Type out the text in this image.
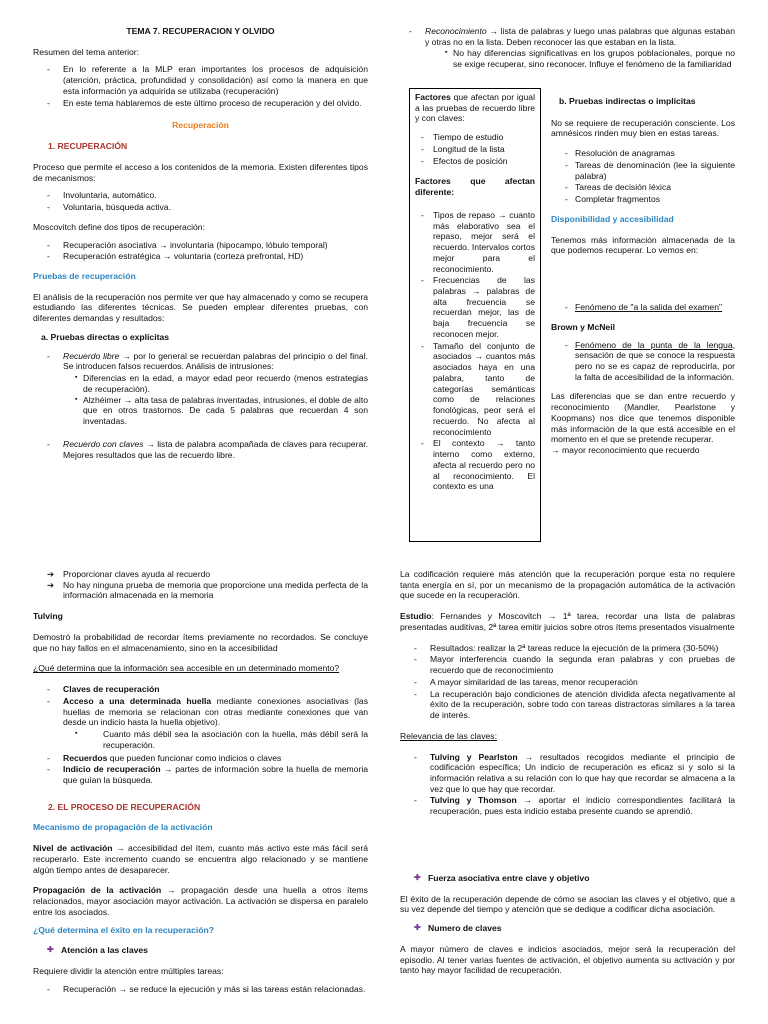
TEMA 7. RECUPERACION Y OLVIDO

Resumen del tema anterior:

- En lo referente a la MLP eran importantes los procesos de adquisición (atención, práctica, profundidad y consolidación) así como la manera en que esta información ya adquirida se utilizaba (recuperación)
- En este tema hablaremos de este último proceso de recuperación y del olvido.
Recuperación
1. RECUPERACIÓN

Proceso que permite el acceso a los contenidos de la memoria. Existen diferentes tipos de mecanismos:

- Involuntaria, automático.
- Voluntaria, búsqueda activa.

Moscovitch define dos tipos de recuperación:

- Recuperación asociativa → involuntaria (hipocampo, lóbulo temporal)
- Recuperación estratégica → voluntaria (corteza prefrontal, HD)
Pruebas de recuperación

El análisis de la recuperación nos permite ver que hay almacenado y como se recupera estudiando las diferentes técnicas. Se pueden emplear diferentes pruebas, con diferentes demandas y resultados:

a. Pruebas directas o explícitas
- Recuerdo libre → por lo general se recuerdan palabras del principio o del final. Se introducen falsos recuerdos. Análisis de intrusiones:
▪ Diferencias en la edad, a mayor edad peor recuerdo (menos estrategias de recuperación).
▪ Alzhéimer → alta tasa de palabras inventadas, intrusiones, el doble de alto que en otros trastornos. De cada 5 palabras que recuerdan 4 son inventadas.
- Recuerdo con claves → lista de palabra acompañada de claves para recuperar. Mejores resultados que las de recuerdo libre.
- Reconocimiento → lista de palabras y luego unas palabras que algunas estaban y otras no en la lista. Deben reconocer las que estaban en la lista.
▪ No hay diferencias significativas en los grupos poblacionales, porque no se exige recuperar, sino reconocer. Influye el fenómeno de la familiaridad

Factores que afectan por igual a las pruebas de recuerdo libre y con claves:

- Tiempo de estudio
- Longitud de la lista
- Efectos de posición

Factores que afectan diferente:

- Tipos de repaso → cuanto más elaborativo sea el repaso, mejor será el recuerdo. Intervalos cortos mejor para el reconocimiento.
- Frecuencias de las palabras → palabras de alta frecuencia se recuerdan mejor, las de baja frecuencia se reconocen mejor.
- Tamaño del conjunto de asociados → cuantos más asociados haya en una palabra, tanto de categorías semánticas como de relaciones fonológicas, peor será el recuerdo. No afecta al reconocimiento
- El contexto → tanto interno como externo, afecta al recuerdo pero no al reconocimiento. El contexto es una
b. Pruebas indirectas o implícitas

No se requiere de recuperación consciente. Los amnésicos rinden muy bien en estas tareas.

- Resolución de anagramas
- Tareas de denominación (lee la siguiente palabra)
- Tareas de decisión léxica
- Completar fragmentos
Disponibilidad y accesibilidad

Tenemos más información almacenada de la que podemos recuperar. Lo vemos en:

- Fenómeno de "a la salida del examen"

Brown y McNeil

- Fenómeno de la punta de la lengua, sensación de que se conoce la respuesta pero no se es capaz de reproducirla, por la falta de accesibilidad de la información.

Las diferencias que se dan entre recuerdo y reconocimiento (Mandler, Pearlstone y Koopmans) nos dice que tenemos disponible más información de la que está accesible en el momento en el que se pretende recuperar.

→ mayor reconocimiento que recuerdo

➔ Proporcionar claves ayuda al recuerdo
➔ No hay ninguna prueba de memoria que proporcione una medida perfecta de la información almacenada en la memoria

Tulving

Demostró la probabilidad de recordar ítems previamente no recordados. Se concluye que no hay fallos en el almacenamiento, sino en la accesibilidad

¿Qué determina que la información sea accesible en un determinado momento?

- Claves de recuperación
- Acceso a una determinada huella mediante conexiones asociativas (las huellas de memoria se relacionan con otras mediante conexiones que van desde un indicio hasta la huella objetivo).
▪ Cuanto más débil sea la asociación con la huella, más débil será la recuperación.
- Recuerdos que pueden funcionar como indicios o claves
- Indicio de recuperación → partes de información sobre la huella de memoria que guían la búsqueda.
2. EL PROCESO DE RECUPERACIÓN
Mecanismo de propagación de la activación

Nivel de activación → accesibilidad del ítem, cuanto más activo este más fácil será recuperarlo. Este incremento cuando se encuentra algo relacionado y se mantiene algún tiempo antes de desaparecer.

Propagación de la activación → propagación desde una huella a otros ítems relacionados, mayor asociación mayor activación. La activación se dispersa en paralelo entre los asociados.

¿Qué determina el éxito en la recuperación?
✚ Atención a las claves

Requiere dividir la atención entre múltiples tareas:

- Recuperación → se reduce la ejecución y más si las tareas están relacionadas.

La codificación requiere más atención que la recuperación porque esta no requiere tanta energía en sí, por un mecanismo de la propagación automática de la activación que sucede en la recuperación.

Estudio: Fernandes y Moscovitch → 1ª tarea, recordar una lista de palabras presentadas auditivas, 2ª tarea emitir juicios sobre otros ítems presentados visualmente

- Resultados: realizar la 2ª tareas reduce la ejecución de la primera (30-50%)
- Mayor interferencia cuando la segunda eran palabras y con pruebas de recuerdo que de reconocimiento
- A mayor similaridad de las tareas, menor recuperación
- La recuperación bajo condiciones de atención dividida afecta negativamente al éxito de la recuperación, sobre todo con tareas distractoras similares a la tarea de interés.

Relevancia de las claves:

- Tulving y Pearlston → resultados recogidos mediante el principio de codificación específica; Un indicio de recuperación es eficaz si y solo si la información relativa a su relación con lo que hay que recordar se almacena a la vez que lo que hay que recordar.
- Tulving y Thomson → aportar el indicio correspondientes facilitará la recuperación, pues esta indicio estaba presente cuando se aprendió.
✚ Fuerza asociativa entre clave y objetivo

El éxito de la recuperación depende de cómo se asocian las claves y el objetivo, que a su vez depende del tiempo y atención que se dedique a codificar dicha asociación.

✚ Numero de claves

A mayor número de claves e indicios asociados, mejor será la recuperación del episodio. Al tener varias fuentes de activación, el objetivo aumenta su activación y por tanto hay mayor facilidad de recuperación.
